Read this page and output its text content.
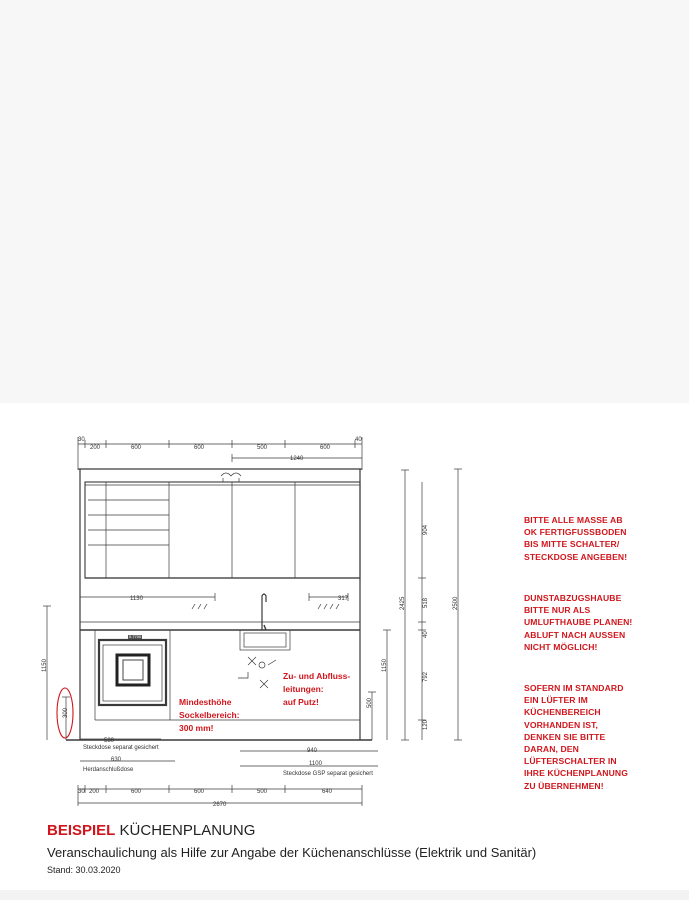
30
200	600	600	500	600
40
1240
1130	317
530
630
940
1100
30 200	600	600	500	640
2670
Steckdose separat gesichert
Herdanschlußdose
Steckdose GSP separat gesichert
5.7700
904
2425	518	2500
40
792
120
1150
500
1150
300
Mindesthöhe
Sockelbereich:
300 mm!
Zu- und Abfluss-
leitungen:
auf Putz!
BITTE ALLE MASSE AB
OK FERTIGFUSSBODEN
BIS MITTE SCHALTER/
STECKDOSE ANGEBEN!
DUNSTABZUGSHAUBE
BITTE NUR ALS
UMLUFTHAUBE PLANEN!
ABLUFT NACH AUSSEN
NICHT MÖGLICH!
SOFERN IM STANDARD
EIN LÜFTER IM
KÜCHENBEREICH
VORHANDEN IST,
DENKEN SIE BITTE
DARAN, DEN
LÜFTERSCHALTER IN
IHRE KÜCHENPLANUNG
ZU ÜBERNEHMEN!
BEISPIEL KÜCHENPLANUNG
Veranschaulichung als Hilfe zur Angabe der Küchenanschlüsse (Elektrik und Sanitär)
Stand: 30.03.2020
